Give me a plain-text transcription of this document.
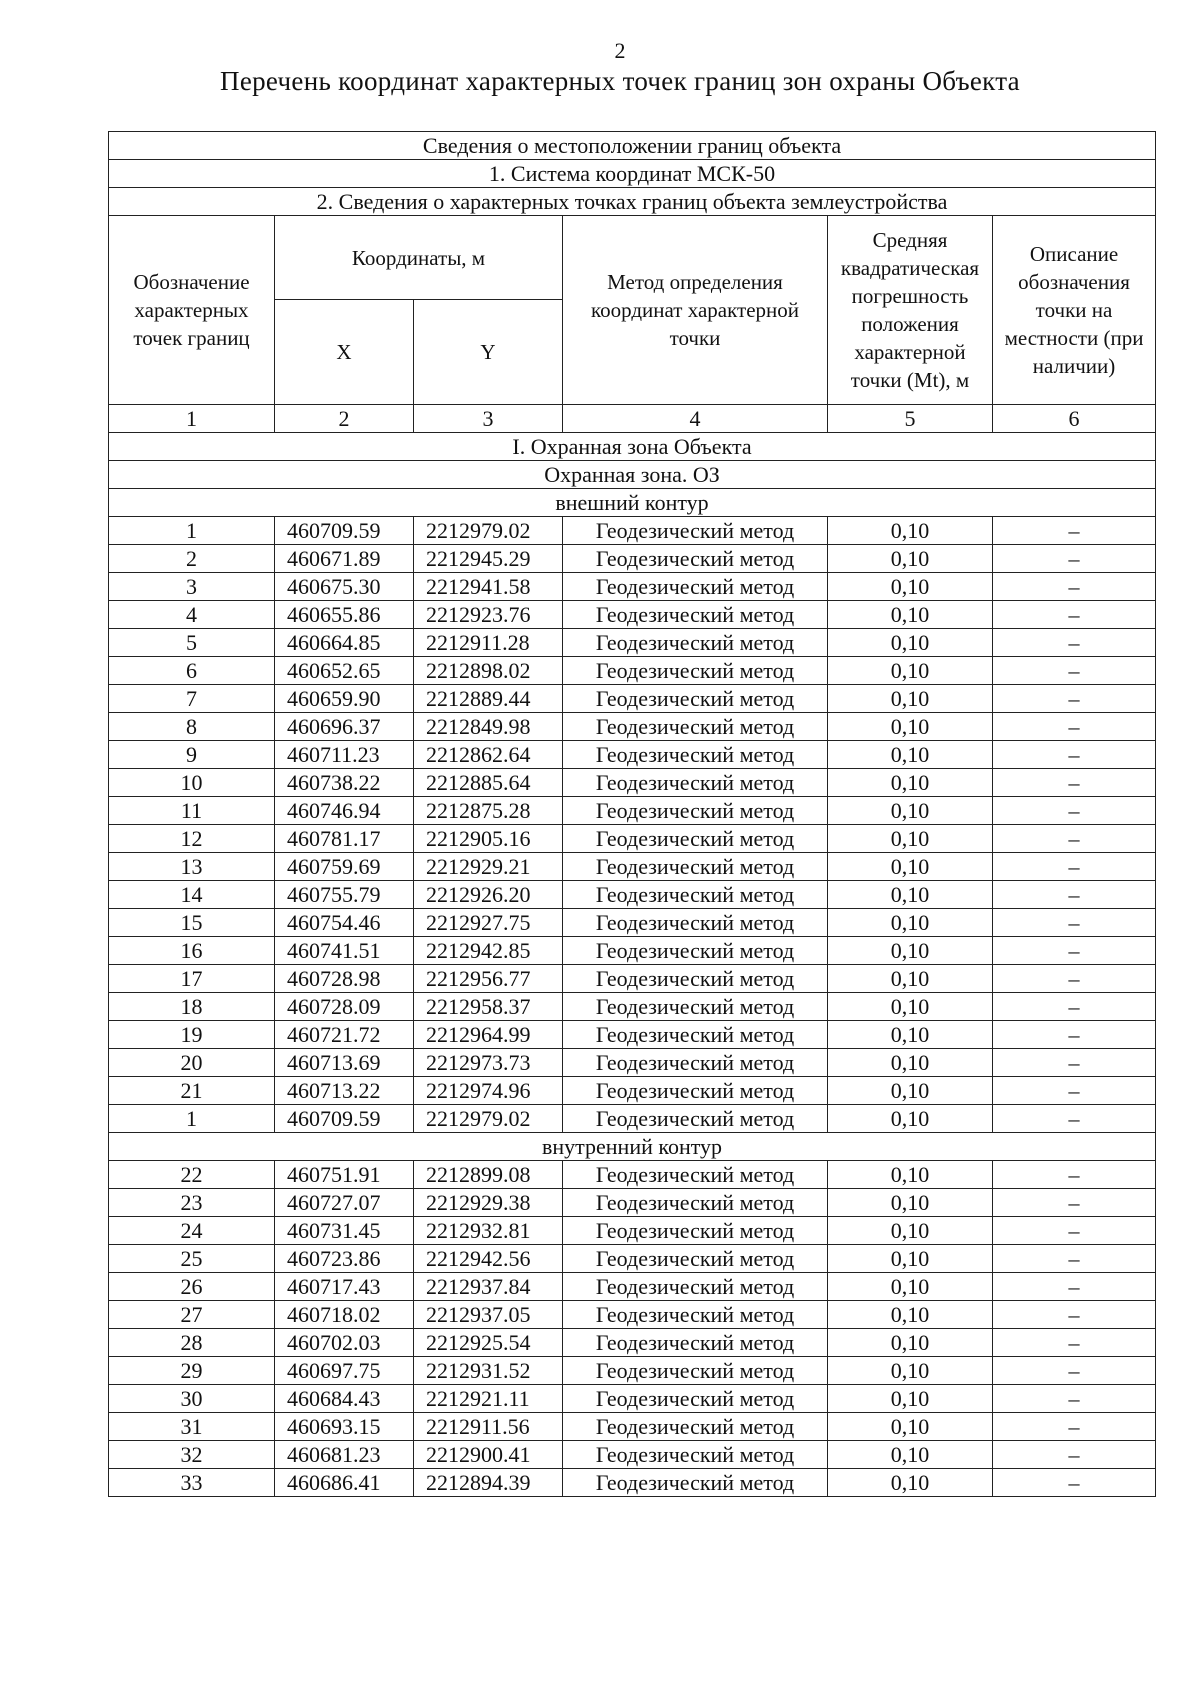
2
Перечень координат характерных точек границ зон охраны Объекта
Сведения о местоположении границ объекта					
1. Система координат МСК-50					
2. Сведения о характерных точках границ объекта землеустройства					
Обозначение характерных точек границ	Координаты, м		Метод определения координат характерной точки	Средняя квадратическая погрешность положения характерной точки (Mt), м	Описание обозначения точки на местности (при наличии)
	X	Y			
1	2	3	4	5	6
I. Охранная зона Объекта					
Охранная зона. ОЗ					
внешний контур					
1	460709.59	2212979.02	Геодезический метод	0,10	–
2	460671.89	2212945.29	Геодезический метод	0,10	–
3	460675.30	2212941.58	Геодезический метод	0,10	–
4	460655.86	2212923.76	Геодезический метод	0,10	–
5	460664.85	2212911.28	Геодезический метод	0,10	–
6	460652.65	2212898.02	Геодезический метод	0,10	–
7	460659.90	2212889.44	Геодезический метод	0,10	–
8	460696.37	2212849.98	Геодезический метод	0,10	–
9	460711.23	2212862.64	Геодезический метод	0,10	–
10	460738.22	2212885.64	Геодезический метод	0,10	–
11	460746.94	2212875.28	Геодезический метод	0,10	–
12	460781.17	2212905.16	Геодезический метод	0,10	–
13	460759.69	2212929.21	Геодезический метод	0,10	–
14	460755.79	2212926.20	Геодезический метод	0,10	–
15	460754.46	2212927.75	Геодезический метод	0,10	–
16	460741.51	2212942.85	Геодезический метод	0,10	–
17	460728.98	2212956.77	Геодезический метод	0,10	–
18	460728.09	2212958.37	Геодезический метод	0,10	–
19	460721.72	2212964.99	Геодезический метод	0,10	–
20	460713.69	2212973.73	Геодезический метод	0,10	–
21	460713.22	2212974.96	Геодезический метод	0,10	–
1	460709.59	2212979.02	Геодезический метод	0,10	–
внутренний контур					
22	460751.91	2212899.08	Геодезический метод	0,10	–
23	460727.07	2212929.38	Геодезический метод	0,10	–
24	460731.45	2212932.81	Геодезический метод	0,10	–
25	460723.86	2212942.56	Геодезический метод	0,10	–
26	460717.43	2212937.84	Геодезический метод	0,10	–
27	460718.02	2212937.05	Геодезический метод	0,10	–
28	460702.03	2212925.54	Геодезический метод	0,10	–
29	460697.75	2212931.52	Геодезический метод	0,10	–
30	460684.43	2212921.11	Геодезический метод	0,10	–
31	460693.15	2212911.56	Геодезический метод	0,10	–
32	460681.23	2212900.41	Геодезический метод	0,10	–
33	460686.41	2212894.39	Геодезический метод	0,10	–
